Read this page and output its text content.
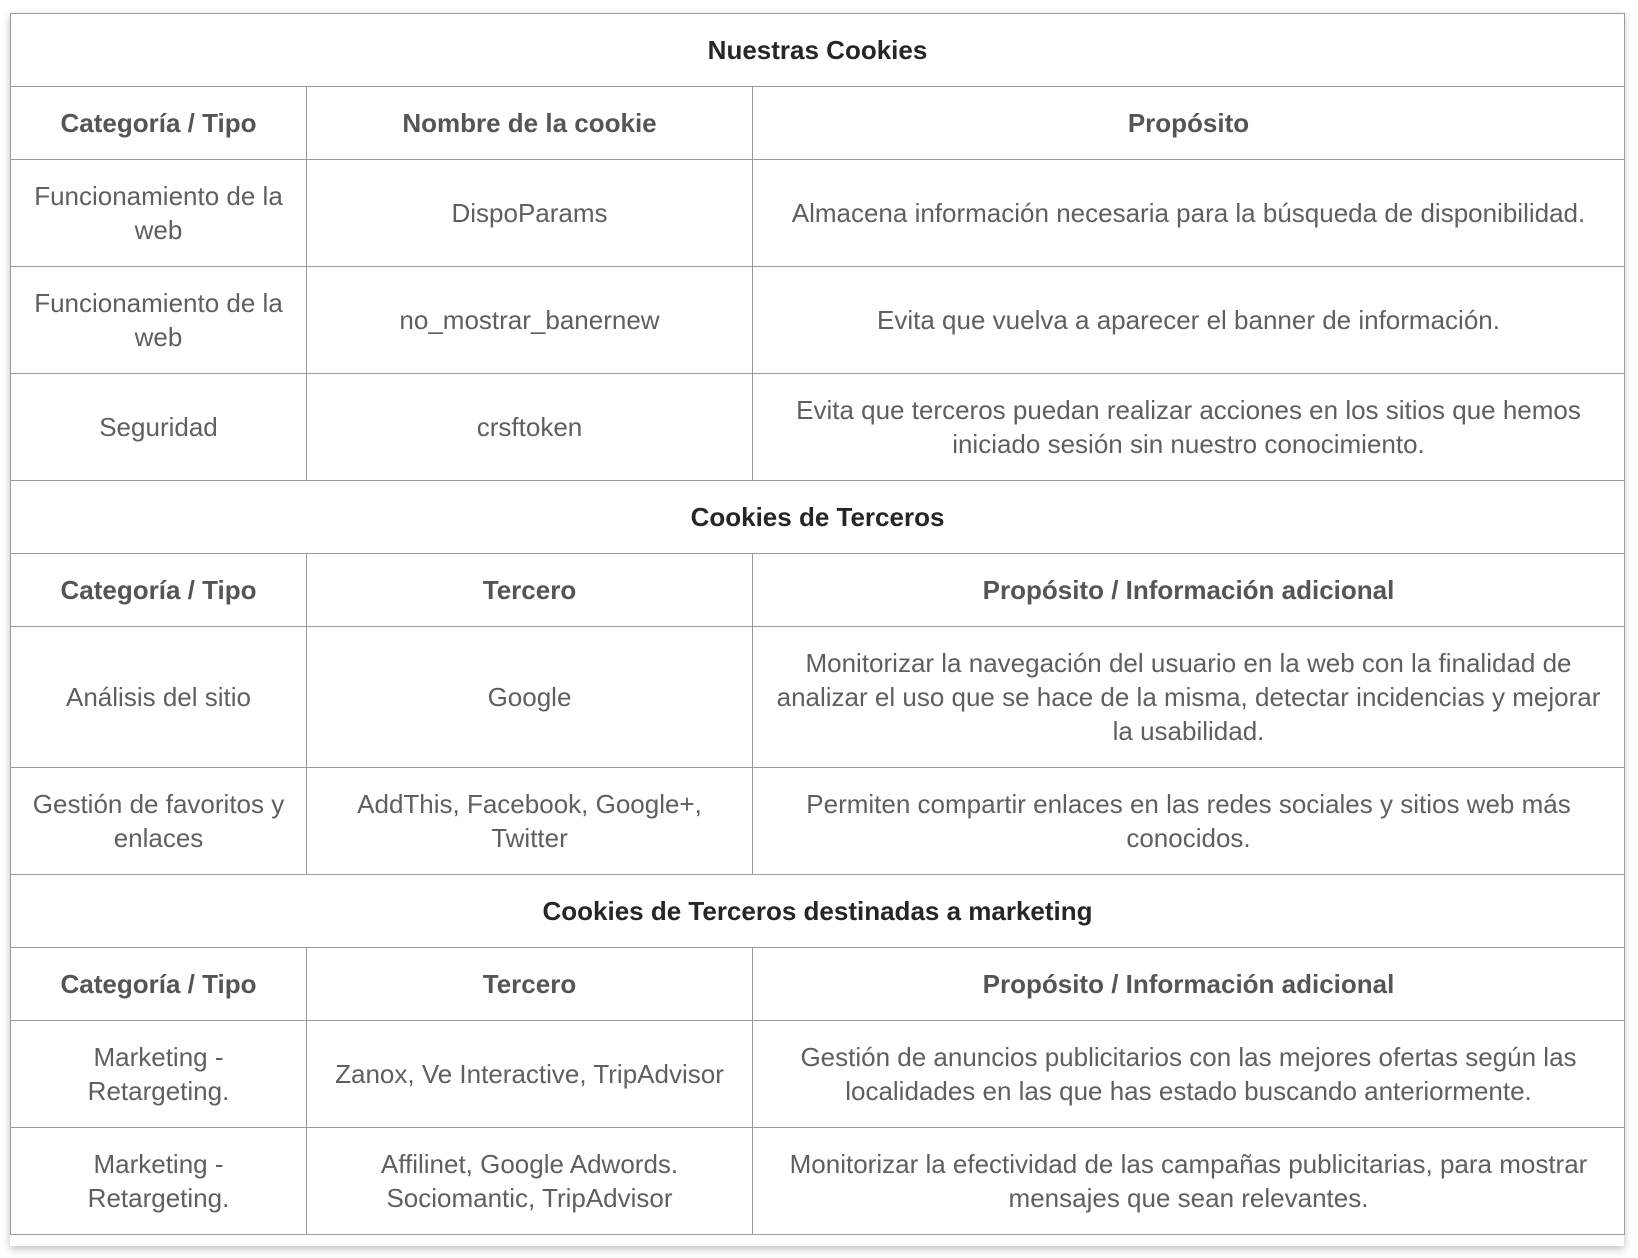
Nuestras Cookies		
Categoría / Tipo	Nombre de la cookie	Propósito
Funcionamiento de la web	DispoParams	Almacena información necesaria para la búsqueda de disponibilidad.
Funcionamiento de la web	no_mostrar_banernew	Evita que vuelva a aparecer el banner de información.
Seguridad	crsftoken	Evita que terceros puedan realizar acciones en los sitios que hemos iniciado sesión sin nuestro conocimiento.
Cookies de Terceros		
Categoría / Tipo	Tercero	Propósito / Información adicional
Análisis del sitio	Google	Monitorizar la navegación del usuario en la web con la finalidad de analizar el uso que se hace de la misma, detectar incidencias y mejorar la usabilidad.
Gestión de favoritos y enlaces	AddThis, Facebook, Google+, Twitter	Permiten compartir enlaces en las redes sociales y sitios web más conocidos.
Cookies de Terceros destinadas a marketing		
Categoría / Tipo	Tercero	Propósito / Información adicional
Marketing - Retargeting.	Zanox, Ve Interactive, TripAdvisor	Gestión de anuncios publicitarios con las mejores ofertas según las localidades en las que has estado buscando anteriormente.
Marketing - Retargeting.	Affilinet, Google Adwords. Sociomantic, TripAdvisor	Monitorizar la efectividad de las campañas publicitarias, para mostrar mensajes que sean relevantes.
